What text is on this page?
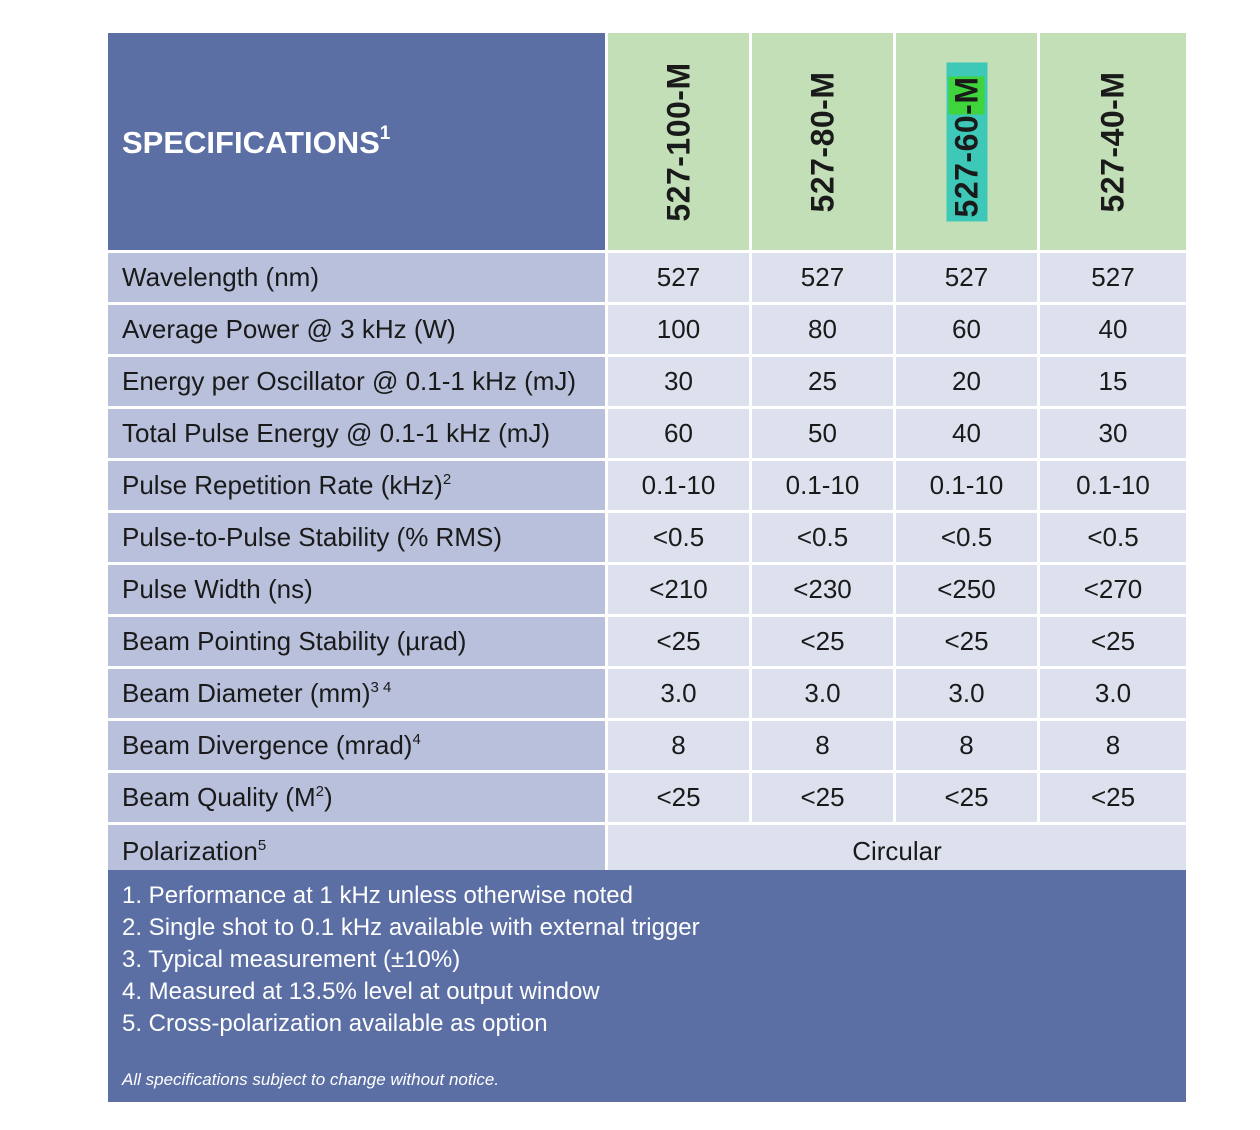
SPECIFICATIONS$^1$	527-100-M	527-80-M	527-60-M	527-40-M

Wavelength (nm)	527	527	527	527
Average Power @ 3 kHz (W)	100	80	60	40
Energy per Oscillator @ 0.1-1 kHz (mJ)	30	25	20	15
Total Pulse Energy @ 0.1-1 kHz (mJ)	60	50	40	30
Pulse Repetition Rate (kHz)$^2$	0.1-10	0.1-10	0.1-10	0.1-10
Pulse-to-Pulse Stability (% RMS)	<0.5	<0.5	<0.5	<0.5
Pulse Width (ns)	<210	<230	<250	<270
Beam Pointing Stability (µrad)	<25	<25	<25	<25
Beam Diameter (mm)$^{3 4}$	3.0	3.0	3.0	3.0
Beam Divergence (mrad)$^4$	8	8	8	8
Beam Quality $(M^2)$	<25	<25	<25	<25
Polarization$^5$	Circular			
1. Performance at 1 kHz unless otherwise noted
2. Single shot to 0.1 kHz available with external trigger
3. Typical measurement (±10%)
4. Measured at 13.5% level at output window
5. Cross-polarization available as option
All specifications subject to change without notice.
